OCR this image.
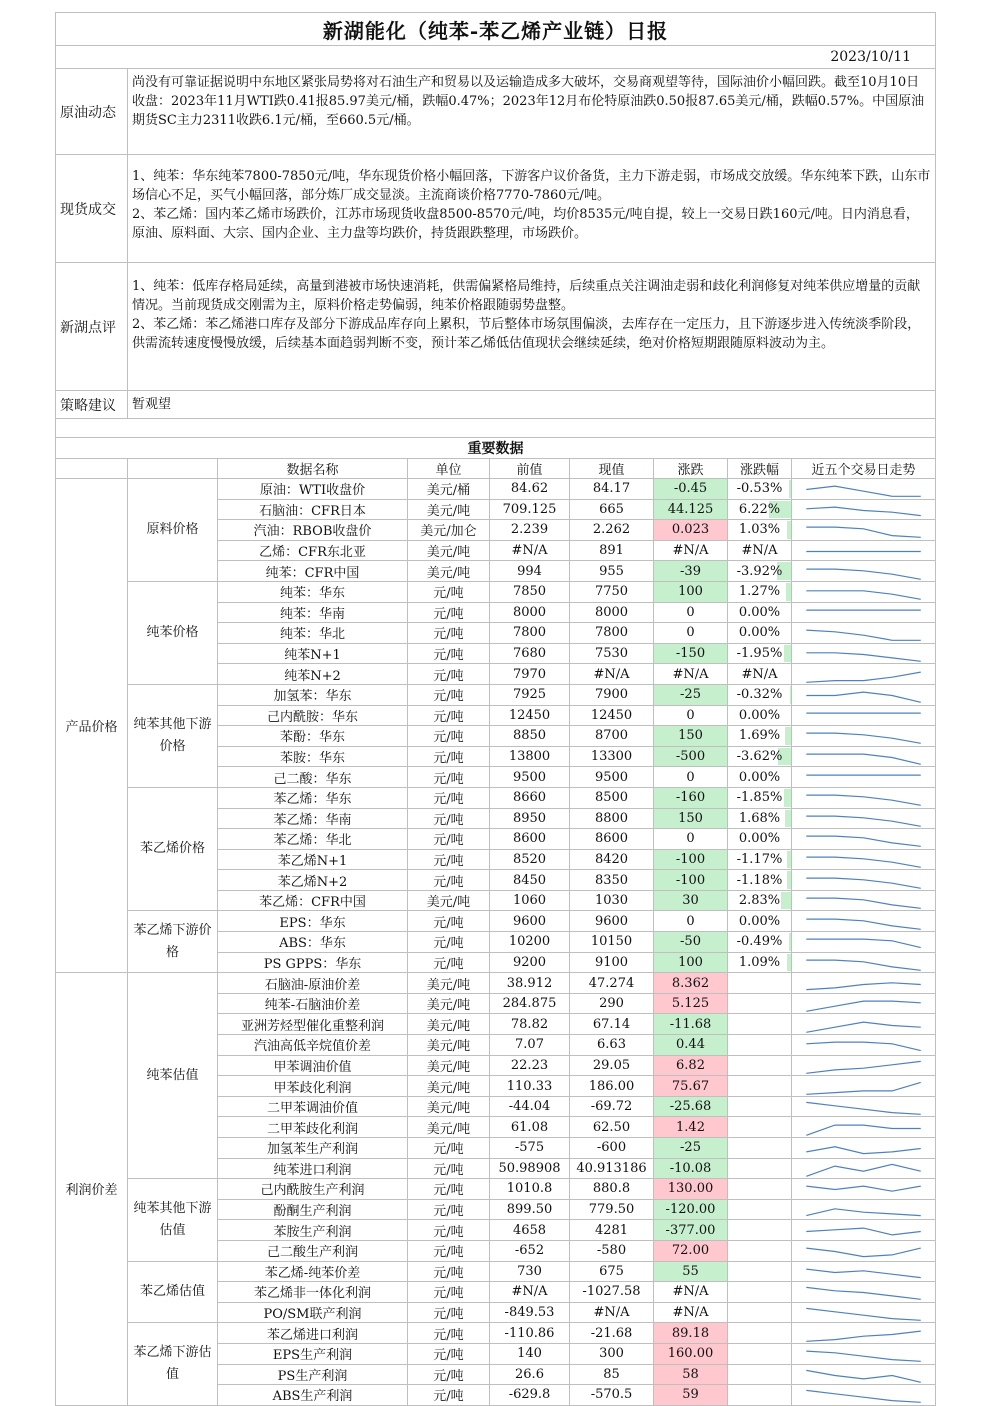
新湖能化（纯苯-苯乙烯产业链）日报								
2023/10/11								
原油动态	尚没有可靠证据说明中东地区紧张局势将对石油生产和贸易以及运输造成多大破坏，交易商观望等待，国际油价小幅回跌。截至10月10日收盘：2023年11月WTI跌0.41报85.97美元/桶，跌幅0.47%；2023年12月布伦特原油跌0.50报87.65美元/桶，跌幅0.57%。中国原油期货SC主力2311收跌6.1元/桶，至660.5元/桶。							

现货成交	1、纯苯：华东纯苯7800-7850元/吨，华东现货价格小幅回落，下游客户议价备货，主力下游走弱，市场成交放缓。华东纯苯下跌，山东市场信心不足，买气小幅回落，部分炼厂成交显淡。主流商谈价格7770-7860元/吨。

2、苯乙烯：国内苯乙烯市场跌价，江苏市场现货收盘8500-8570元/吨，均价8535元/吨自提，较上一交易日跌160元/吨。日内消息看，原油、原料面、大宗、国内企业、主力盘等均跌价，持货跟跌整理，市场跌价。							

新湖点评	1、纯苯：低库存格局延续，高量到港被市场快速消耗，供需偏紧格局维持，后续重点关注调油走弱和歧化利润修复对纯苯供应增量的贡献情况。当前现货成交刚需为主，原料价格走势偏弱，纯苯价格跟随弱势盘整。

2、苯乙烯：苯乙烯港口库存及部分下游成品库存向上累积，节后整体市场氛围偏淡，去库存在一定压力，且下游逐步进入传统淡季阶段，供需流转速度慢慢放缓，后续基本面趋弱判断不变，预计苯乙烯低估值现状会继续延续，绝对价格短期跟随原料波动为主。							

策略建议	暂观望							

重要数据								
		数据名称	单位	前值	现值	涨跌	涨跌幅	近五个交易日走势
产品价格	原料价格	原油：WTI收盘价	美元/桶	84.62	84.17	-0.45	-0.53%	

		石脑油：CFR日本	美元/吨	709.125	665	44.125	6.22%	

		汽油：RBOB收盘价	美元/加仑	2.239	2.262	0.023	1.03%	

		乙烯：CFR东北亚	美元/吨	#N/A	891	#N/A	#N/A	

		纯苯：CFR中国	美元/吨	994	955	-39	-3.92%	

	纯苯价格	纯苯：华东	元/吨	7850	7750	100	1.27%	

		纯苯：华南	元/吨	8000	8000	0	0.00%	

		纯苯：华北	元/吨	7800	7800	0	0.00%	

		纯苯N+1	元/吨	7680	7530	-150	-1.95%	

		纯苯N+2	元/吨	7970	#N/A	#N/A	#N/A	

	纯苯其他下游价格	加氢苯：华东	元/吨	7925	7900	-25	-0.32%	

		己内酰胺：华东	元/吨	12450	12450	0	0.00%	

		苯酚：华东	元/吨	8850	8700	150	1.69%	

		苯胺：华东	元/吨	13800	13300	-500	-3.62%	

		己二酸：华东	元/吨	9500	9500	0	0.00%	

	苯乙烯价格	苯乙烯：华东	元/吨	8660	8500	-160	-1.85%	

		苯乙烯：华南	元/吨	8950	8800	150	1.68%	

		苯乙烯：华北	元/吨	8600	8600	0	0.00%	

		苯乙烯N+1	元/吨	8520	8420	-100	-1.17%	

		苯乙烯N+2	元/吨	8450	8350	-100	-1.18%	

		苯乙烯：CFR中国	美元/吨	1060	1030	30	2.83%	

	苯乙烯下游价格	EPS：华东	元/吨	9600	9600	0	0.00%	

		ABS：华东	元/吨	10200	10150	-50	-0.49%	

		PS GPPS：华东	元/吨	9200	9100	100	1.09%	

利润价差	纯苯估值	石脑油-原油价差	美元/吨	38.912	47.274	8.362		

		纯苯-石脑油价差	美元/吨	284.875	290	5.125		

		亚洲芳烃型催化重整利润	美元/吨	78.82	67.14	-11.68		

		汽油高低辛烷值价差	美元/吨	7.07	6.63	0.44		

		甲苯调油价值	美元/吨	22.23	29.05	6.82		

		甲苯歧化利润	美元/吨	110.33	186.00	75.67		

		二甲苯调油价值	美元/吨	-44.04	-69.72	-25.68		

		二甲苯歧化利润	美元/吨	61.08	62.50	1.42		

		加氢苯生产利润	元/吨	-575	-600	-25		

		纯苯进口利润	元/吨	50.98908	40.913186	-10.08		

	纯苯其他下游估值	己内酰胺生产利润	元/吨	1010.8	880.8	130.00		

		酚酮生产利润	元/吨	899.50	779.50	-120.00		

		苯胺生产利润	元/吨	4658	4281	-377.00		

		己二酸生产利润	元/吨	-652	-580	72.00		

	苯乙烯估值	苯乙烯-纯苯价差	元/吨	730	675	55		

		苯乙烯非一体化利润	元/吨	#N/A	-1027.58	#N/A		

		PO/SM联产利润	元/吨	-849.53	#N/A	#N/A		

	苯乙烯下游估值	苯乙烯进口利润	元/吨	-110.86	-21.68	89.18		

		EPS生产利润	元/吨	140	300	160.00		

		PS生产利润	元/吨	26.6	85	58		

		ABS生产利润	元/吨	-629.8	-570.5	59		
